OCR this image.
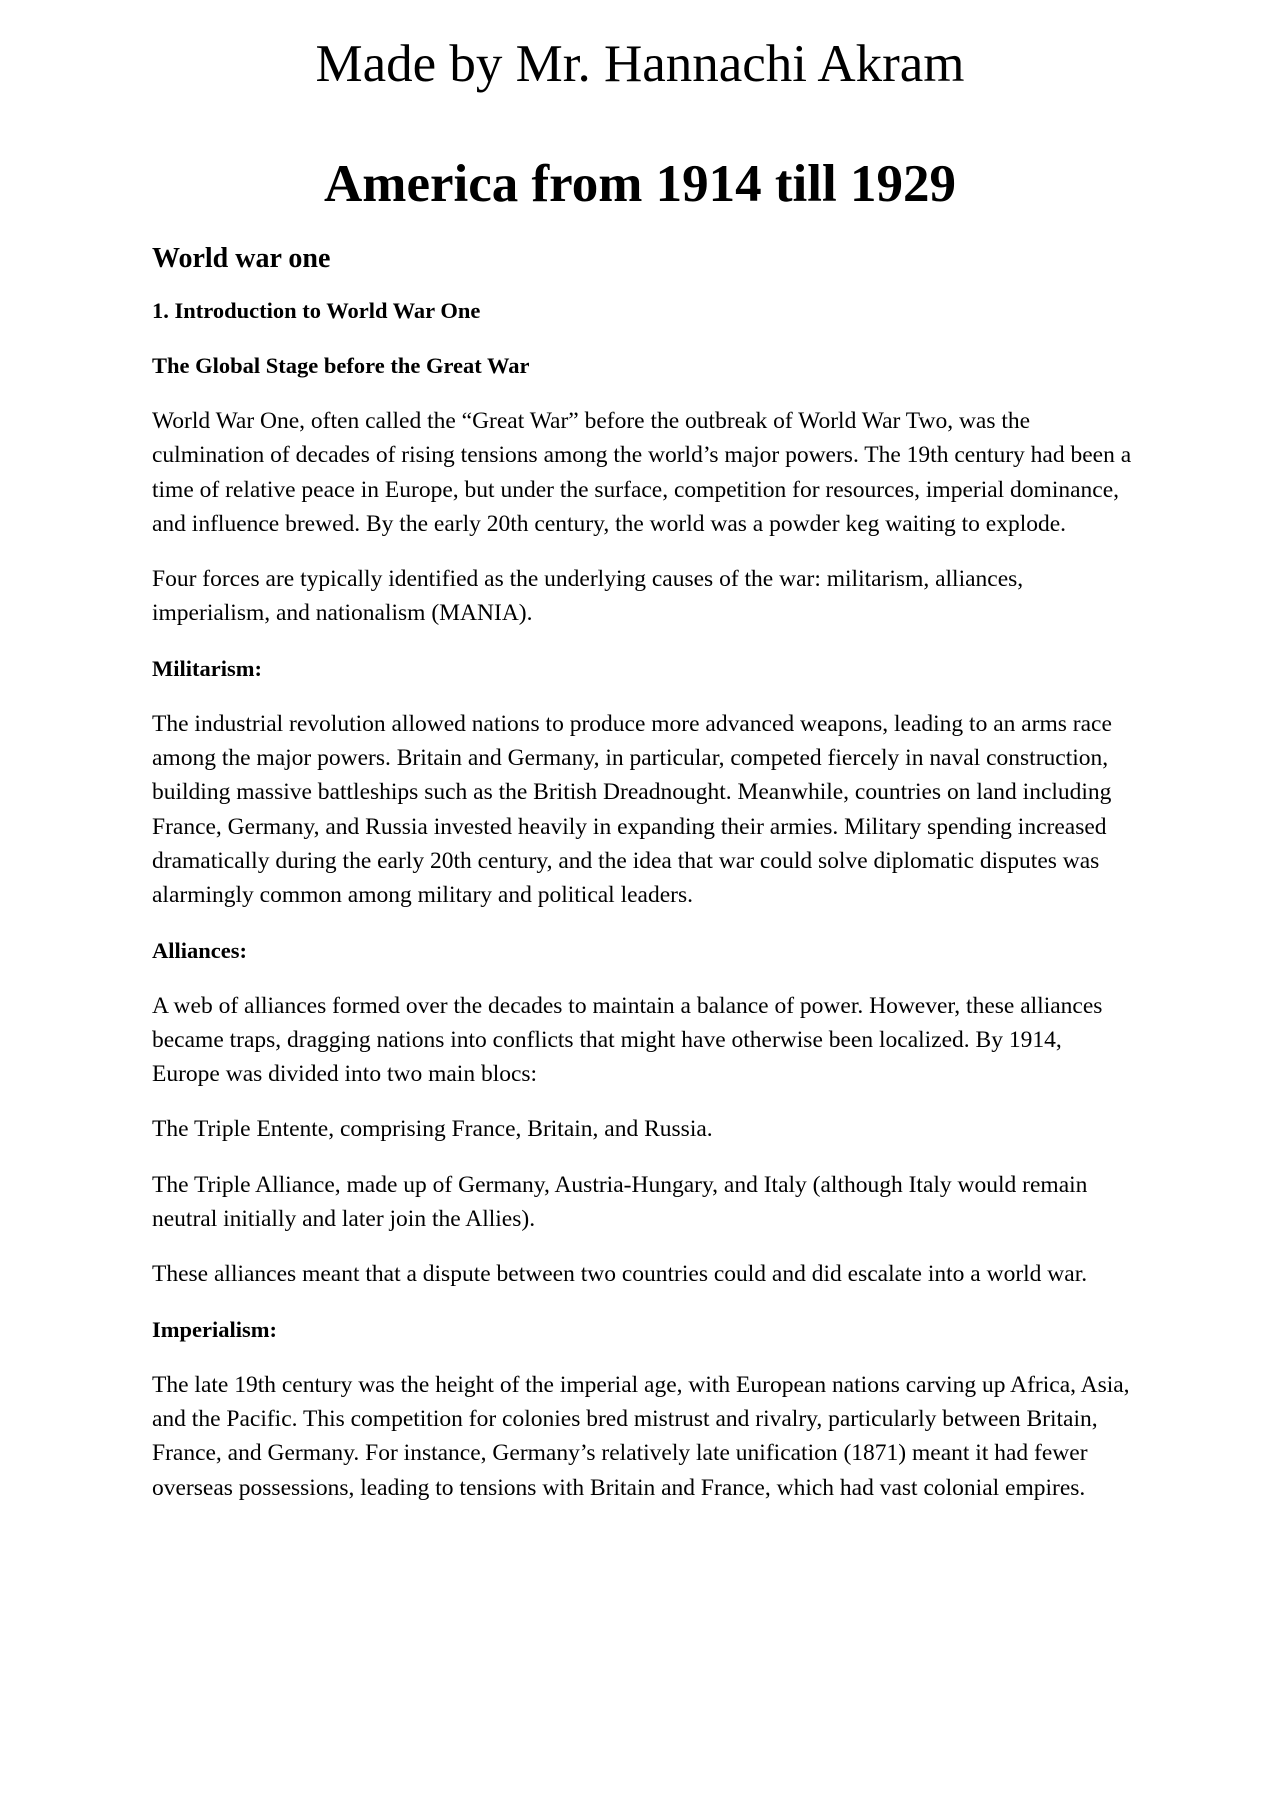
Made by Mr. Hannachi Akram
America from 1914 till 1929
World war one
1. Introduction to World War One
The Global Stage before the Great War

World War One, often called the “Great War” before the outbreak of World War Two, was the culmination of decades of rising tensions among the world’s major powers. The 19th century had been a time of relative peace in Europe, but under the surface, competition for resources, imperial dominance, and influence brewed. By the early 20th century, the world was a powder keg waiting to explode.

Four forces are typically identified as the underlying causes of the war: militarism, alliances, imperialism, and nationalism (MANIA).

Militarism:

The industrial revolution allowed nations to produce more advanced weapons, leading to an arms race among the major powers. Britain and Germany, in particular, competed fiercely in naval construction, building massive battleships such as the British Dreadnought. Meanwhile, countries on land including France, Germany, and Russia invested heavily in expanding their armies. Military spending increased dramatically during the early 20th century, and the idea that war could solve diplomatic disputes was alarmingly common among military and political leaders.

Alliances:

A web of alliances formed over the decades to maintain a balance of power. However, these alliances became traps, dragging nations into conflicts that might have otherwise been localized. By 1914, Europe was divided into two main blocs:

The Triple Entente, comprising France, Britain, and Russia.

The Triple Alliance, made up of Germany, Austria-Hungary, and Italy (although Italy would remain neutral initially and later join the Allies).

These alliances meant that a dispute between two countries could and did escalate into a world war.

Imperialism:

The late 19th century was the height of the imperial age, with European nations carving up Africa, Asia, and the Pacific. This competition for colonies bred mistrust and rivalry, particularly between Britain, France, and Germany. For instance, Germany’s relatively late unification (1871) meant it had fewer overseas possessions, leading to tensions with Britain and France, which had vast colonial empires.
